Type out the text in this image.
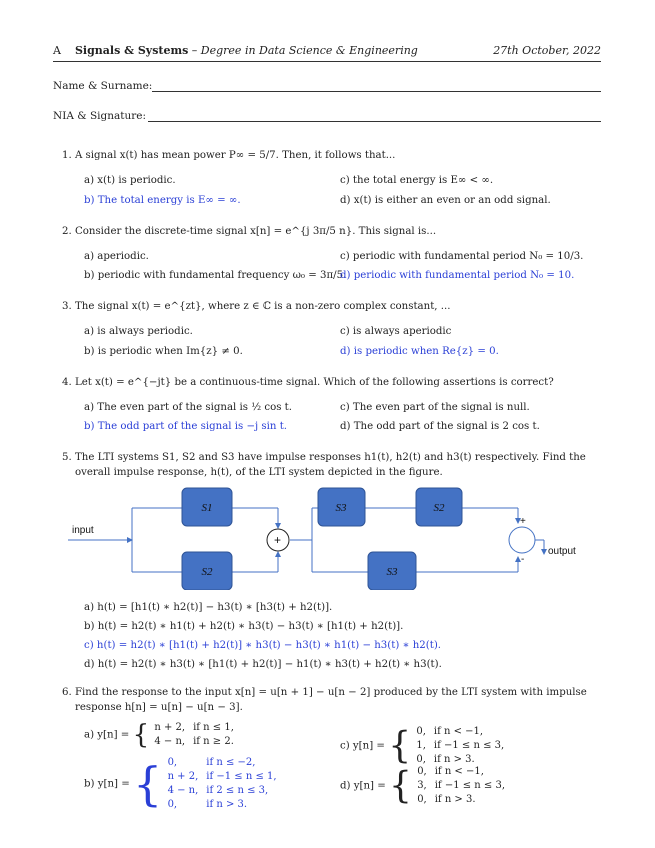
A Signals & Systems – Degree in Data Science & Engineering	27th October, 2022
Name & Surname:
NIA & Signature:
1. A signal x(t) has mean power P∞ = 5/7. Then, it follows that...
a) x(t) is periodic.
b) The total energy is E∞ = ∞.
c) the total energy is E∞ < ∞.
d) x(t) is either an even or an odd signal.
2. Consider the discrete-time signal x[n] = e^{j 3π/5 n}. This signal is...
a) aperiodic.
b) periodic with fundamental frequency ω₀ = 3π/5.
c) periodic with fundamental period N₀ = 10/3.
d) periodic with fundamental period N₀ = 10.
3. The signal x(t) = e^{zt}, where z ∈ ℂ is a non-zero complex constant, ...
a) is always periodic.
b) is periodic when Im{z} ≠ 0.
c) is always aperiodic
d) is periodic when Re{z} = 0.
4. Let x(t) = e^{−jt} be a continuous-time signal. Which of the following assertions is correct?
a) The even part of the signal is ½ cos t.
b) The odd part of the signal is −j sin t.
c) The even part of the signal is null.
d) The odd part of the signal is 2 cos t.
5. The LTI systems S1, S2 and S3 have impulse responses h1(t), h2(t) and h3(t) respectively. Find the
overall impulse response, h(t), of the LTI system depicted in the figure.
input
output
+
-
+
S1
S2
S3	S2
S3
a) h(t) = [h1(t) ∗ h2(t)] − h3(t) ∗ [h3(t) + h2(t)].
b) h(t) = h2(t) ∗ h1(t) + h2(t) ∗ h3(t) − h3(t) ∗ [h1(t) + h2(t)].
c) h(t) = h2(t) ∗ [h1(t) + h2(t)] ∗ h3(t) − h3(t) ∗ h1(t) − h3(t) ∗ h2(t).
d) h(t) = h2(t) ∗ h3(t) ∗ [h1(t) + h2(t)] − h1(t) ∗ h3(t) + h2(t) ∗ h3(t).
6. Find the response to the input x[n] = u[n + 1] − u[n − 2] produced by the LTI system with impulse
response h[n] = u[n] − u[n − 3].
a) y[n] = { n + 2,	if n ≤ 1,
4 − n,	if n ≥ 2.
b) y[n] = { 0,	if n ≤ −2,
n + 2,	if −1 ≤ n ≤ 1,
4 − n,	if 2 ≤ n ≤ 3,
0,	if n > 3.
c) y[n] = { 0,	if n < −1,
1,	if −1 ≤ n ≤ 3,
0,	if n > 3.
d) y[n] = { 0,	if n < −1,
3,	if −1 ≤ n ≤ 3,
0,	if n > 3.
